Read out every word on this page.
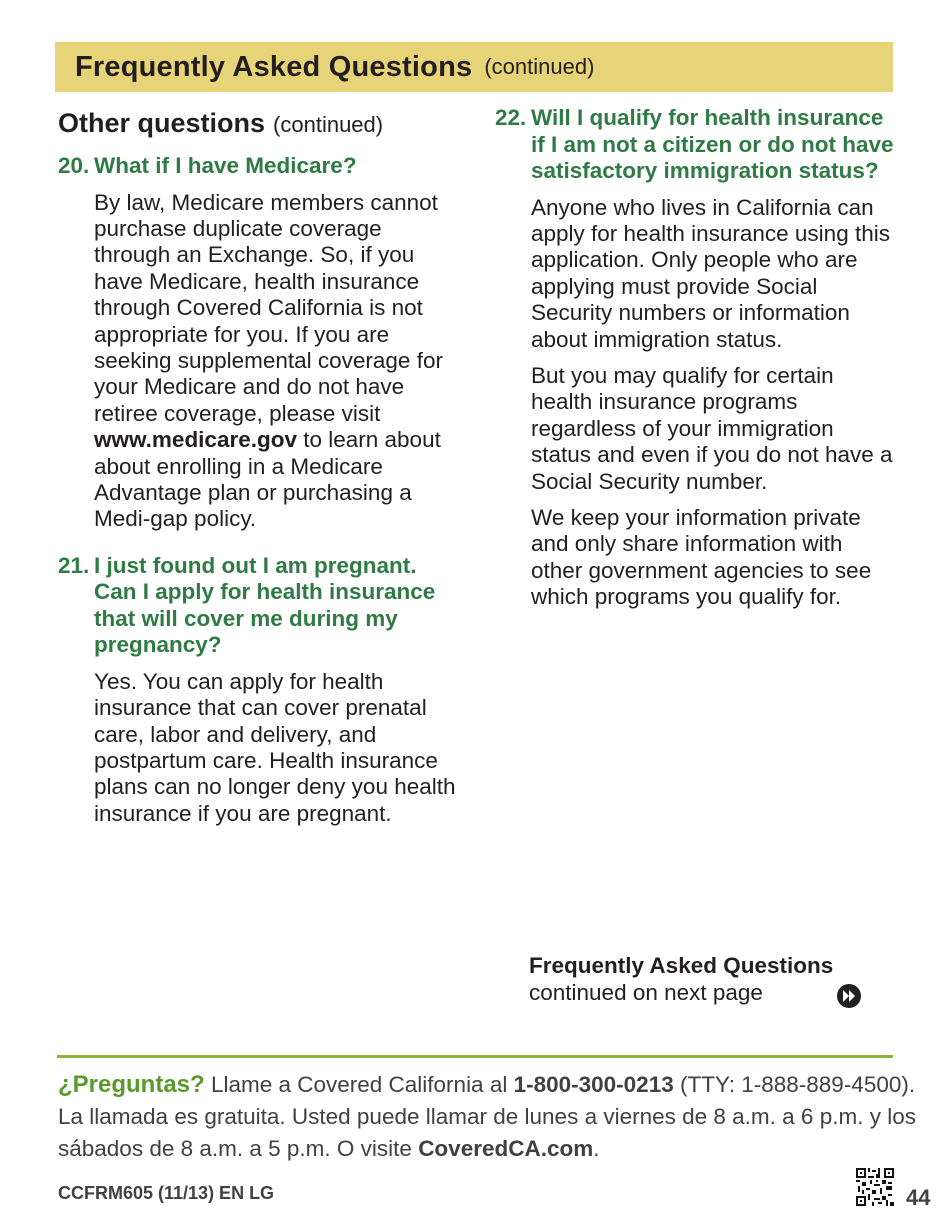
Frequently Asked Questions (continued)
Other questions (continued)
20. What if I have Medicare?

By law, Medicare members cannot purchase duplicate coverage through an Exchange. So, if you have Medicare, health insurance through Covered California is not appropriate for you. If you are seeking supplemental coverage for your Medicare and do not have retiree coverage, please visit www.medicare.gov to learn about about enrolling in a Medicare Advantage plan or purchasing a Medi-gap policy.

21. I just found out I am pregnant. Can I apply for health insurance that will cover me during my pregnancy?

Yes. You can apply for health insurance that can cover prenatal care, labor and delivery, and postpartum care. Health insurance plans can no longer deny you health insurance if you are pregnant.

22. Will I qualify for health insurance if I am not a citizen or do not have satisfactory immigration status?

Anyone who lives in California can apply for health insurance using this application. Only people who are applying must provide Social Security numbers or information about immigration status.

But you may qualify for certain health insurance programs regardless of your immigration status and even if you do not have a Social Security number.

We keep your information private and only share information with other government agencies to see which programs you qualify for.

Frequently Asked Questions
continued on next page
¿Preguntas? Llame a Covered California al 1-800-300-0213 (TTY: 1-888-889-4500). La llamada es gratuita. Usted puede llamar de lunes a viernes de 8 a.m. a 6 p.m. y los sábados de 8 a.m. a 5 p.m. O visite CoveredCA.com.
CCFRM605 (11/13) EN LG	44
